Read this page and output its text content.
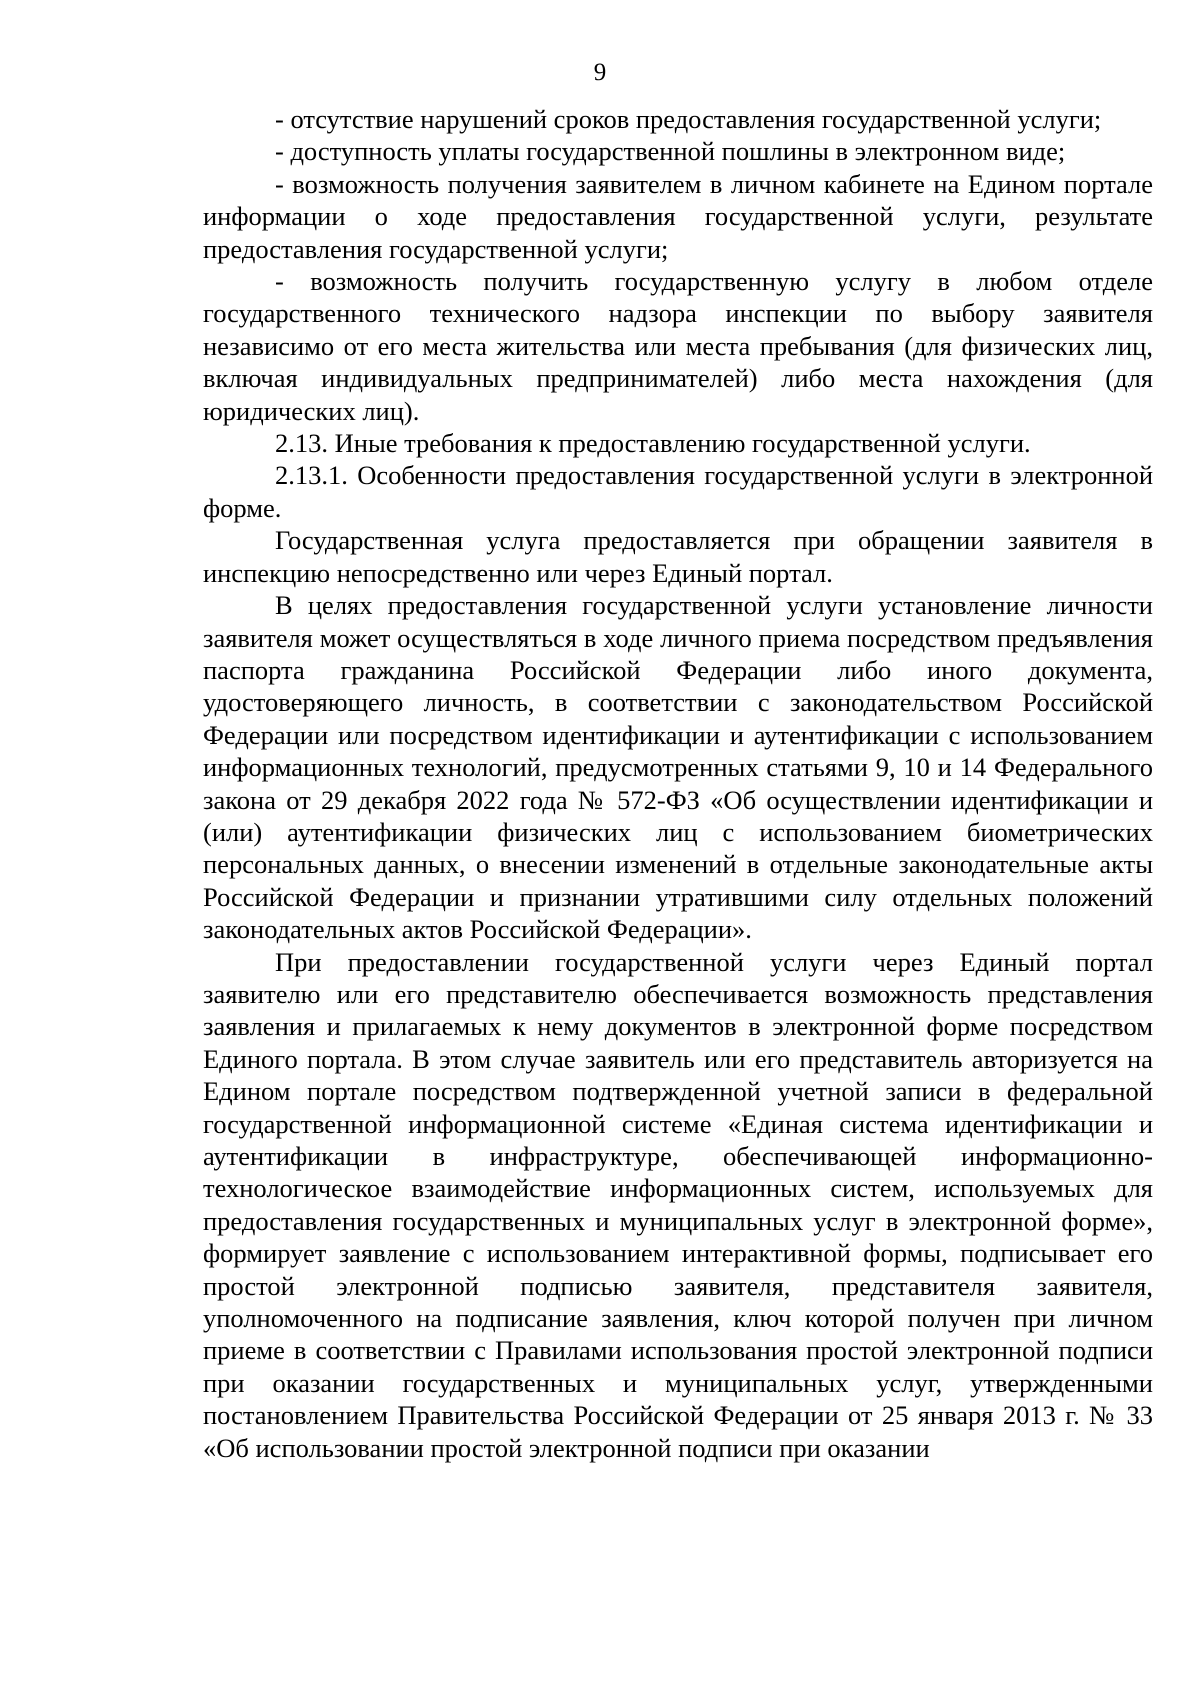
9

- отсутствие нарушений сроков предоставления государственной услуги;

- доступность уплаты государственной пошлины в электронном виде;

- возможность получения заявителем в личном кабинете на Едином портале информации о ходе предоставления государственной услуги, результате предоставления государственной услуги;

- возможность получить государственную услугу в любом отделе государственного технического надзора инспекции по выбору заявителя независимо от его места жительства или места пребывания (для физических лиц, включая индивидуальных предпринимателей) либо места нахождения (для юридических лиц).

2.13. Иные требования к предоставлению государственной услуги.

2.13.1. Особенности предоставления государственной услуги в электронной форме.

Государственная услуга предоставляется при обращении заявителя в инспекцию непосредственно или через Единый портал.

В целях предоставления государственной услуги установление личности заявителя может осуществляться в ходе личного приема посредством предъявления паспорта гражданина Российской Федерации либо иного документа, удостоверяющего личность, в соответствии с законодательством Российской Федерации или посредством идентификации и аутентификации с использованием информационных технологий, предусмотренных статьями 9, 10 и 14 Федерального закона от 29 декабря 2022 года № 572-ФЗ «Об осуществлении идентификации и (или) аутентификации физических лиц с использованием биометрических персональных данных, о внесении изменений в отдельные законодательные акты Российской Федерации и признании утратившими силу отдельных положений законодательных актов Российской Федерации».

При предоставлении государственной услуги через Единый портал заявителю или его представителю обеспечивается возможность представления заявления и прилагаемых к нему документов в электронной форме посредством Единого портала. В этом случае заявитель или его представитель авторизуется на Едином портале посредством подтвержденной учетной записи в федеральной государственной информационной системе «Единая система идентификации и аутентификации в инфраструктуре, обеспечивающей информационно-технологическое взаимодействие информационных систем, используемых для предоставления государственных и муниципальных услуг в электронной форме», формирует заявление с использованием интерактивной формы, подписывает его простой электронной подписью заявителя, представителя заявителя, уполномоченного на подписание заявления, ключ которой получен при личном приеме в соответствии с Правилами использования простой электронной подписи при оказании государственных и муниципальных услуг, утвержденными постановлением Правительства Российской Федерации от 25 января 2013 г. № 33 «Об использовании простой электронной подписи при оказании
